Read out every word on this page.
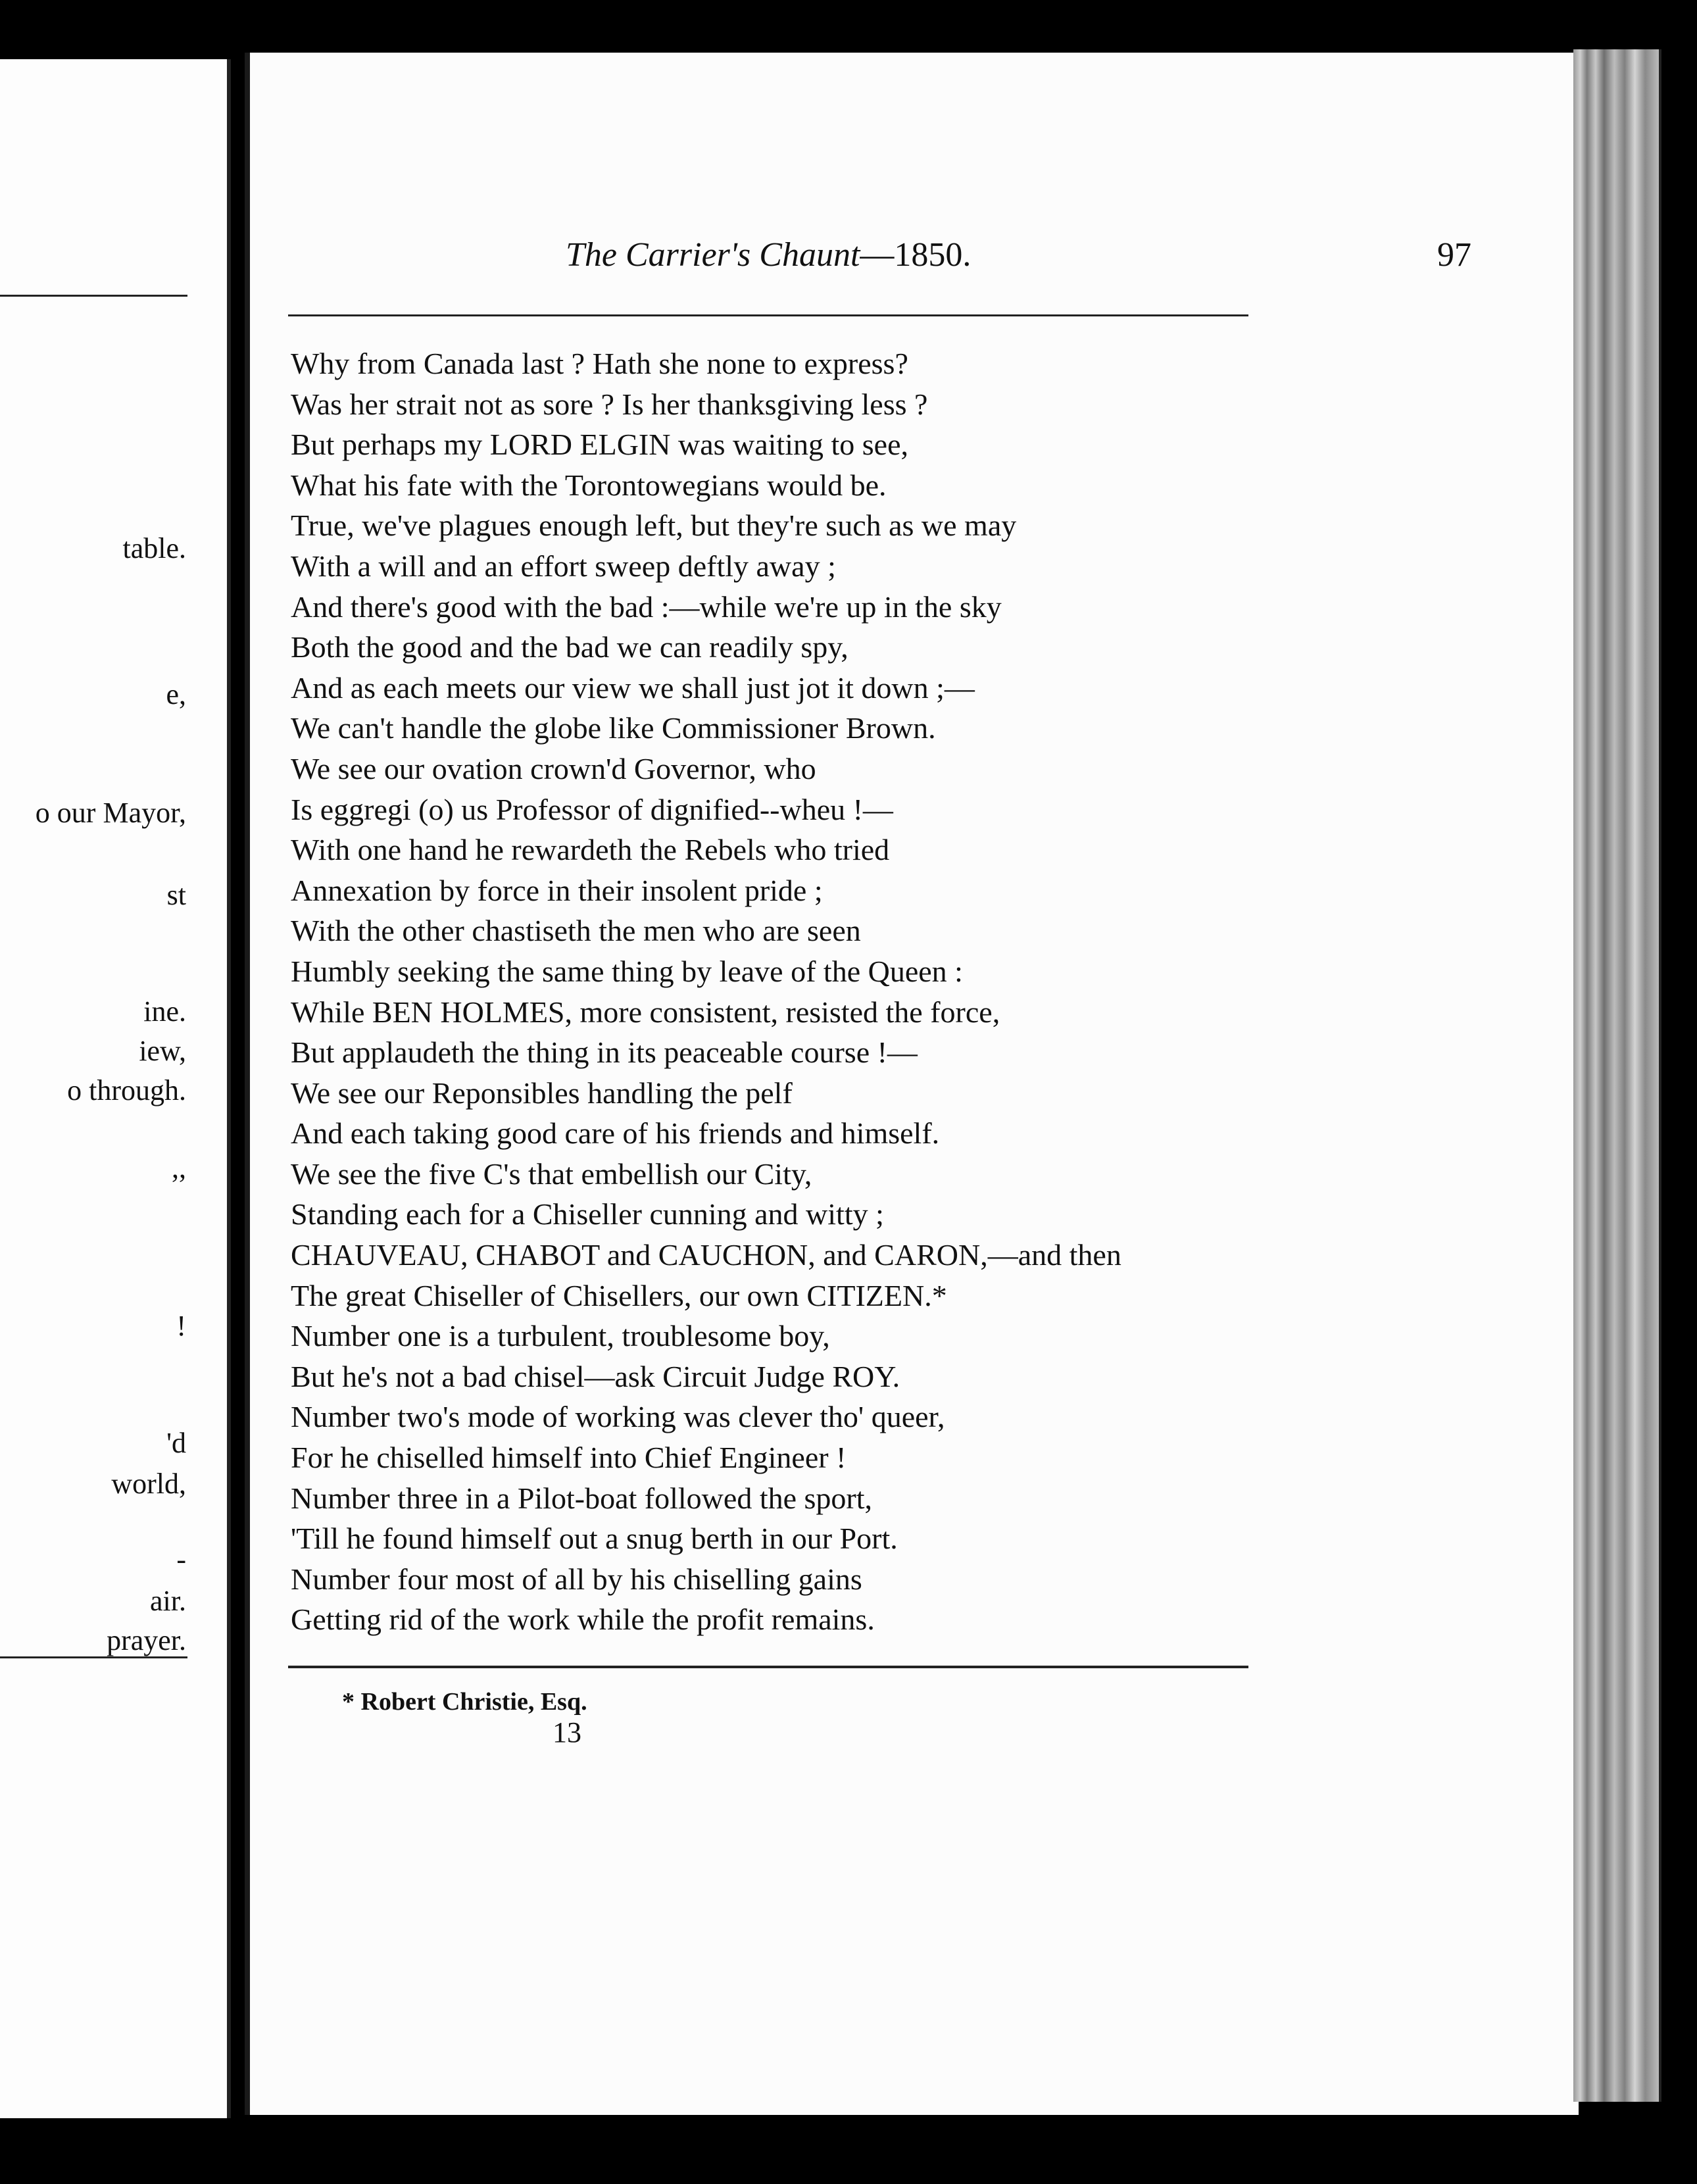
table.
e,
o our Mayor,
st
ine.
iew,
o through.
,,
!
'd
world,
-
air.
prayer.
The Carrier's Chaunt—1850.	97
Why from Canada last ? Hath she none to express?
Was her strait not as sore ? Is her thanksgiving less ?
But perhaps my LORD ELGIN was waiting to see,
What his fate with the Torontowegians would be.
True, we've plagues enough left, but they're such as we may
With a will and an effort sweep deftly away ;
And there's good with the bad :—while we're up in the sky
Both the good and the bad we can readily spy,
And as each meets our view we shall just jot it down ;—
We can't handle the globe like Commissioner Brown.
We see our ovation crown'd Governor, who
Is eggregi (o) us Professor of dignified--wheu !—
With one hand he rewardeth the Rebels who tried
Annexation by force in their insolent pride ;
With the other chastiseth the men who are seen
Humbly seeking the same thing by leave of the Queen :
While BEN HOLMES, more consistent, resisted the force,
But applaudeth the thing in its peaceable course !—
We see our Reponsibles handling the pelf
And each taking good care of his friends and himself.
We see the five C's that embellish our City,
Standing each for a Chiseller cunning and witty ;
CHAUVEAU, CHABOT and CAUCHON, and CARON,—and then
The great Chiseller of Chisellers, our own CITIZEN.*
Number one is a turbulent, troublesome boy,
But he's not a bad chisel—ask Circuit Judge ROY.
Number two's mode of working was clever tho' queer,
For he chiselled himself into Chief Engineer !
Number three in a Pilot-boat followed the sport,
'Till he found himself out a snug berth in our Port.
Number four most of all by his chiselling gains
Getting rid of the work while the profit remains.
* Robert Christie, Esq.
13
